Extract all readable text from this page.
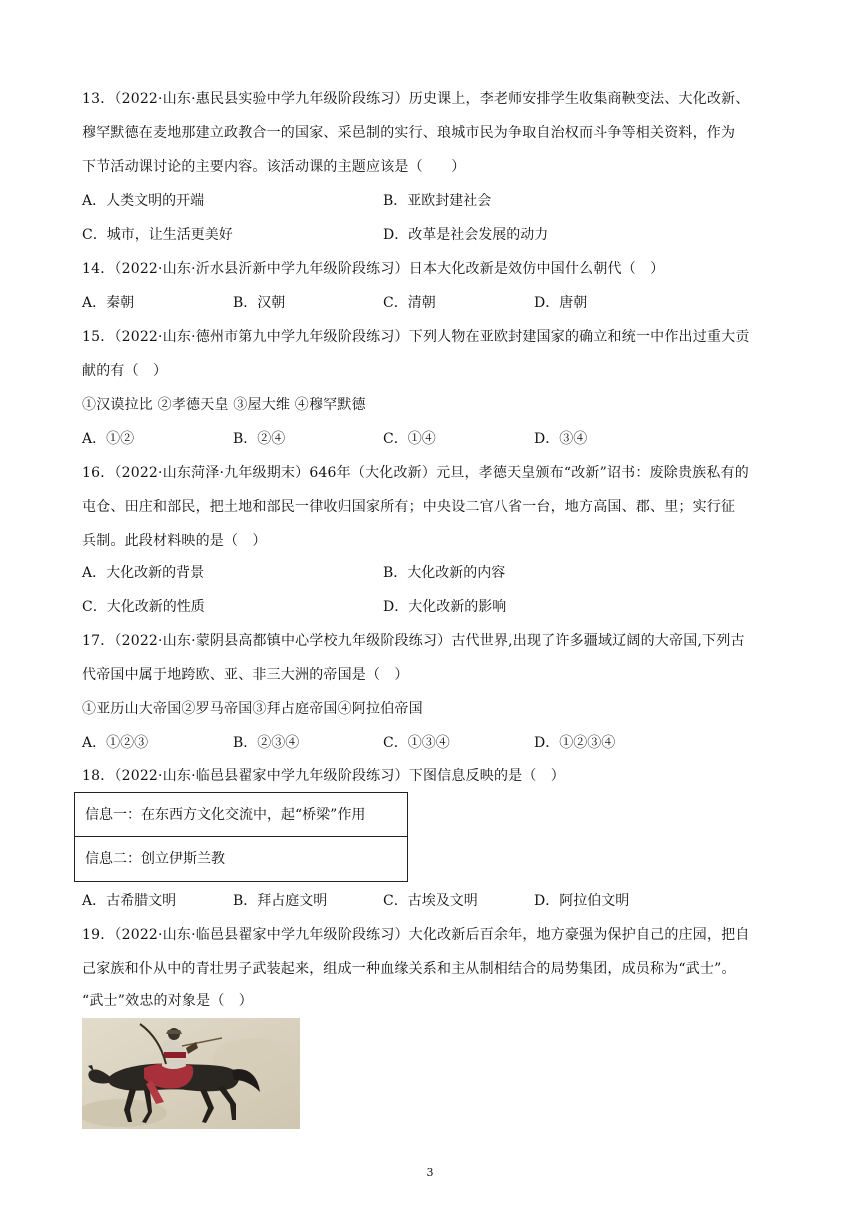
13．（2022·山东·惠民县实验中学九年级阶段练习）历史课上，李老师安排学生收集商鞅变法、大化改新、
穆罕默德在麦地那建立政教合一的国家、采邑制的实行、琅城市民为争取自治权而斗争等相关资料，作为
下节活动课讨论的主要内容。该活动课的主题应该是（　　）
A．人类文明的开端	B．亚欧封建社会
C．城市，让生活更美好	D．改革是社会发展的动力
14．（2022·山东·沂水县沂新中学九年级阶段练习）日本大化改新是效仿中国什么朝代（　）
A．秦朝	B．汉朝	C．清朝	D．唐朝
15．（2022·山东·德州市第九中学九年级阶段练习）下列人物在亚欧封建国家的确立和统一中作出过重大贡
献的有（　）
①汉谟拉比 ②孝德天皇 ③屋大维 ④穆罕默德
A．①②	B．②④	C．①④	D．③④
16．（2022·山东菏泽·九年级期末）646年（大化改新）元旦，孝德天皇颁布“改新”诏书：废除贵族私有的
屯仓、田庄和部民，把土地和部民一律收归国家所有；中央设二官八省一台，地方高国、郡、里；实行征
兵制。此段材料映的是（　）
A．大化改新的背景	B．大化改新的内容
C．大化改新的性质	D．大化改新的影响
17．（2022·山东·蒙阴县高都镇中心学校九年级阶段练习）古代世界,出现了许多疆域辽阔的大帝国,下列古
代帝国中属于地跨欧、亚、非三大洲的帝国是（　）
①亚历山大帝国②罗马帝国③拜占庭帝国④阿拉伯帝国
A．①②③	B．②③④	C．①③④	D．①②③④
18．（2022·山东·临邑县翟家中学九年级阶段练习）下图信息反映的是（　）
信息一：在东西方文化交流中，起“桥梁”作用
信息二：创立伊斯兰教
A．古希腊文明	B．拜占庭文明	C．古埃及文明	D．阿拉伯文明
19．（2022·山东·临邑县翟家中学九年级阶段练习）大化改新后百余年，地方豪强为保护自己的庄园，把自
己家族和仆从中的青壮男子武装起来，组成一种血缘关系和主从制相结合的局势集团，成员称为“武士”。
“武士”效忠的对象是（　）
3
